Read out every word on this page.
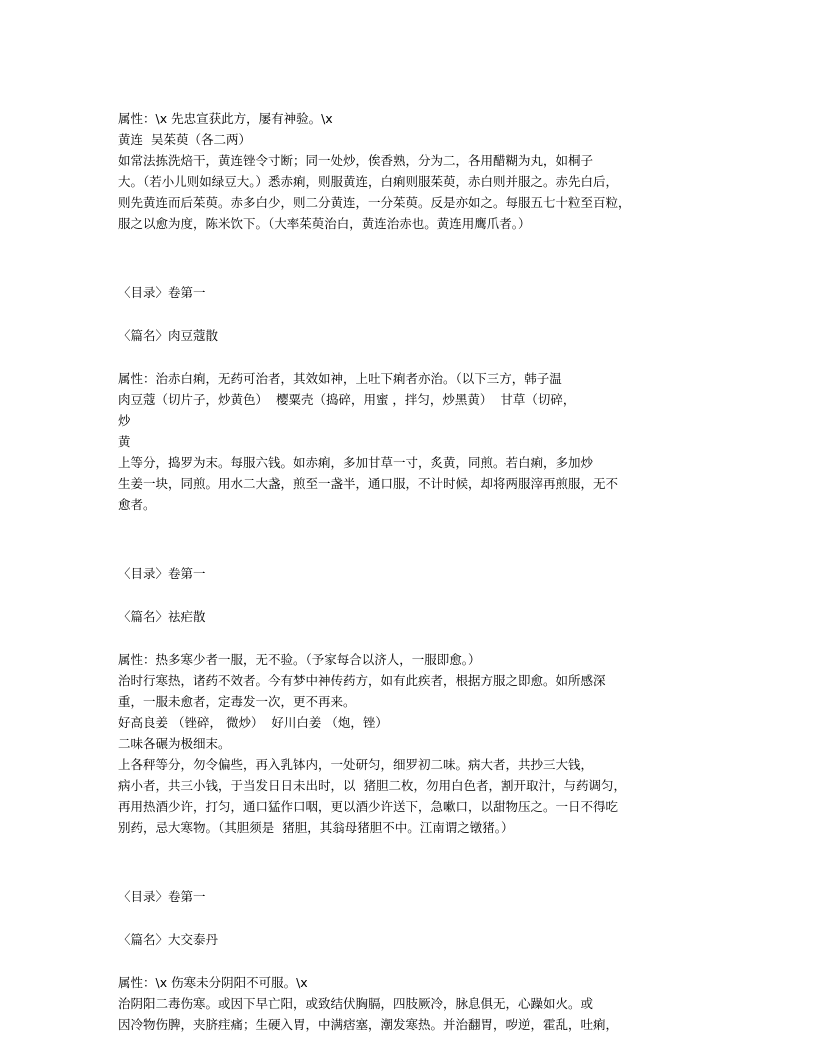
属性：\x 先忠宣获此方，屡有神验。\x

黄连  吴茱萸（各二两）

如常法拣洗焙干，黄连锉令寸断；同一处炒，俟香熟，分为二，各用醋糊为丸，如桐子

大。（若小儿则如绿豆大。）悉赤痢，则服黄连，白痢则服茱萸，赤白则并服之。赤先白后，

则先黄连而后茱萸。赤多白少，则二分黄连，一分茱萸。反是亦如之。每服五七十粒至百粒，

服之以愈为度，陈米饮下。（大率茱萸治白，黄连治赤也。黄连用鹰爪者。）

〈目录〉卷第一

〈篇名〉肉豆蔻散

属性：治赤白痢，无药可治者，其效如神，上吐下痢者亦治。（以下三方，韩子温

肉豆蔻（切片子，炒黄色）  樱粟壳（捣碎，用蜜 ，拌匀，炒黑黄）  甘草（切碎，

炒

黄

上等分，捣罗为末。每服六钱。如赤痢，多加甘草一寸，炙黄，同煎。若白痢，多加炒

生姜一块，同煎。用水二大盏，煎至一盏半，通口服，不计时候，却将两服滓再煎服，无不

愈者。

〈目录〉卷第一

〈篇名〉祛疟散

属性：热多寒少者一服，无不验。（予家每合以济人，一服即愈。）

治时行寒热，诸药不效者。今有梦中神传药方，如有此疾者，根据方服之即愈。如所感深

重，一服未愈者，定毒发一次，更不再来。

好高良姜 （锉碎， 微炒）  好川白姜 （炮，锉）

二味各碾为极细末。

上各秤等分，勿令偏些，再入乳钵内，一处研匀，细罗初二味。病大者，共抄三大钱，

病小者，共三小钱，于当发日日未出时，以  猪胆二枚，勿用白色者，割开取汁，与药调匀，

再用热酒少许，打匀，通口猛作口咽，更以酒少许送下，急嗽口，以甜物压之。一日不得吃

别药，忌大寒物。（其胆须是  猪胆，其翁母猪胆不中。江南谓之镦猪。）

〈目录〉卷第一

〈篇名〉大交泰丹

属性：\x 伤寒未分阴阳不可服。\x

治阴阳二毒伤寒。或因下早亡阳，或致结伏胸膈，四肢厥冷，脉息俱无，心躁如火。或

因冷物伤脾，夹脐疰痛；生硬入胃，中满痞塞，潮发寒热。并治翻胃，哕逆，霍乱，吐痢，
